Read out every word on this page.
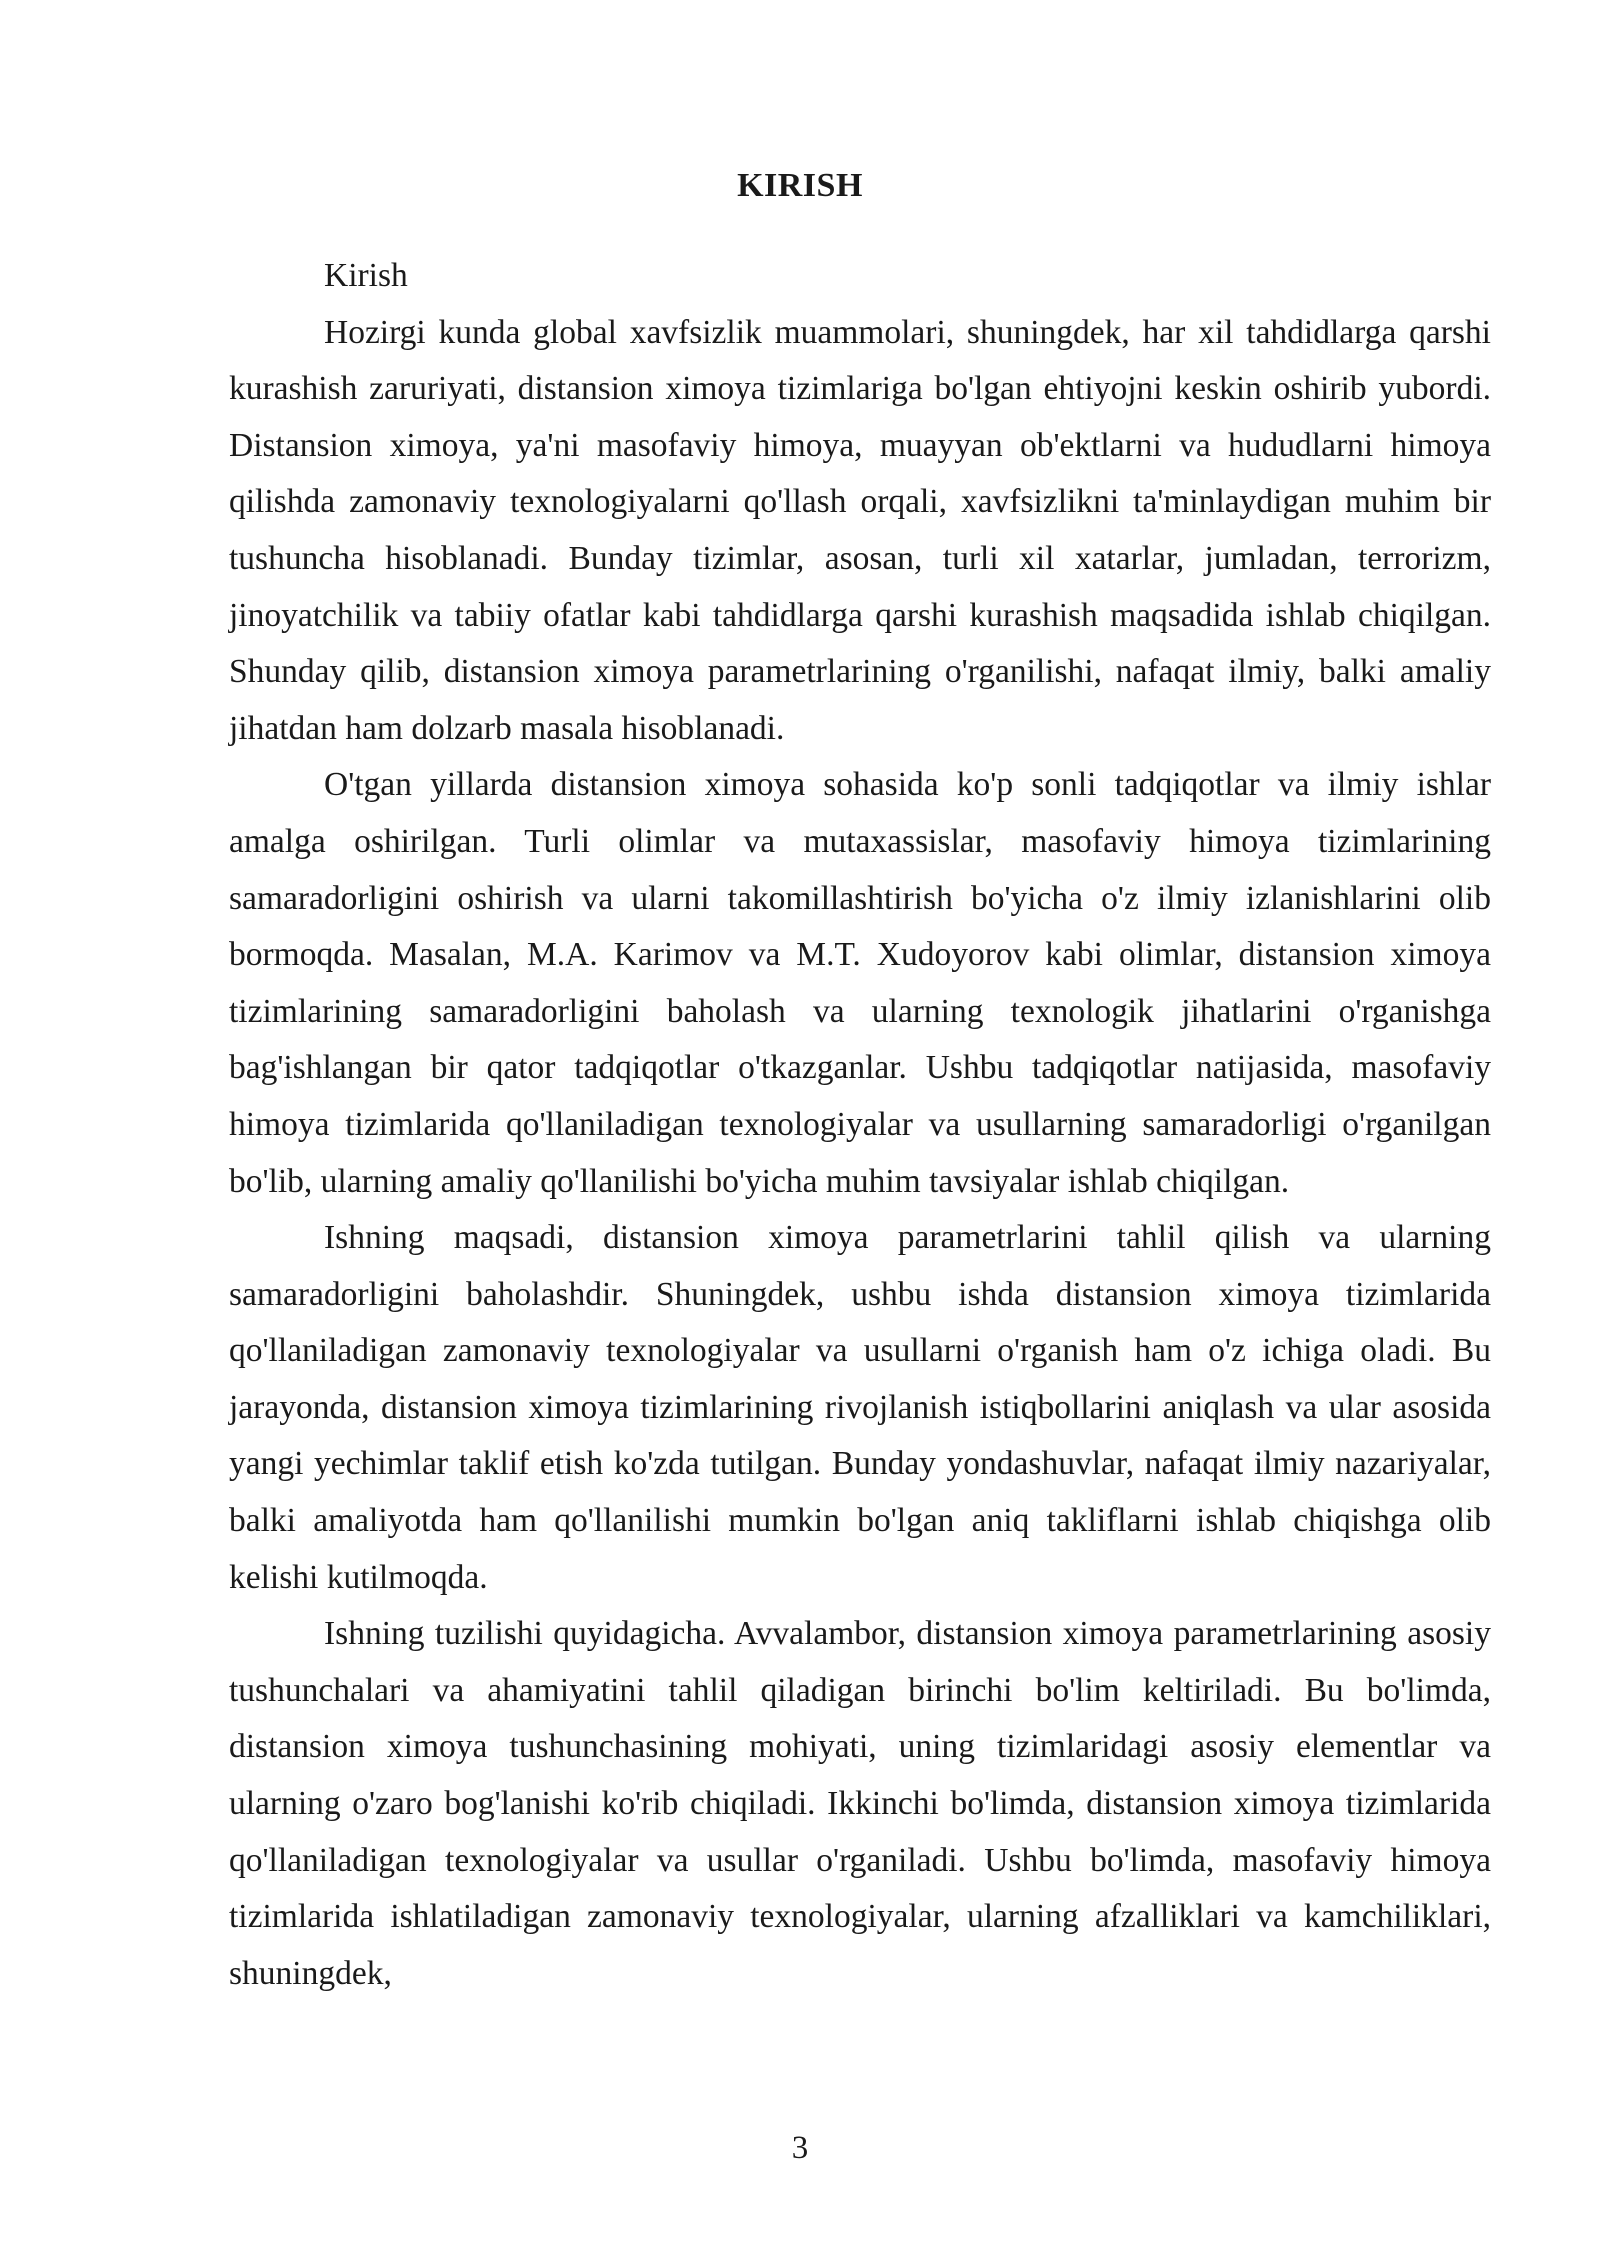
KIRISH

Kirish

Hozirgi kunda global xavfsizlik muammolari, shuningdek, har xil tahdidlarga qarshi kurashish zaruriyati, distansion ximoya tizimlariga bo'lgan ehtiyojni keskin oshirib yubordi. Distansion ximoya, ya'ni masofaviy himoya, muayyan ob'ektlarni va hududlarni himoya qilishda zamonaviy texnologiyalarni qo'llash orqali, xavfsizlikni ta'minlaydigan muhim bir tushuncha hisoblanadi. Bunday tizimlar, asosan, turli xil xatarlar, jumladan, terrorizm, jinoyatchilik va tabiiy ofatlar kabi tahdidlarga qarshi kurashish maqsadida ishlab chiqilgan. Shunday qilib, distansion ximoya parametrlarining o'rganilishi, nafaqat ilmiy, balki amaliy jihatdan ham dolzarb masala hisoblanadi.

O'tgan yillarda distansion ximoya sohasida ko'p sonli tadqiqotlar va ilmiy ishlar amalga oshirilgan. Turli olimlar va mutaxassislar, masofaviy himoya tizimlarining samaradorligini oshirish va ularni takomillashtirish bo'yicha o'z ilmiy izlanishlarini olib bormoqda. Masalan, M.A. Karimov va M.T. Xudoyorov kabi olimlar, distansion ximoya tizimlarining samaradorligini baholash va ularning texnologik jihatlarini o'rganishga bag'ishlangan bir qator tadqiqotlar o'tkazganlar. Ushbu tadqiqotlar natijasida, masofaviy himoya tizimlarida qo'llaniladigan texnologiyalar va usullarning samaradorligi o'rganilgan bo'lib, ularning amaliy qo'llanilishi bo'yicha muhim tavsiyalar ishlab chiqilgan.

Ishning maqsadi, distansion ximoya parametrlarini tahlil qilish va ularning samaradorligini baholashdir. Shuningdek, ushbu ishda distansion ximoya tizimlarida qo'llaniladigan zamonaviy texnologiyalar va usullarni o'rganish ham o'z ichiga oladi. Bu jarayonda, distansion ximoya tizimlarining rivojlanish istiqbollarini aniqlash va ular asosida yangi yechimlar taklif etish ko'zda tutilgan. Bunday yondashuvlar, nafaqat ilmiy nazariyalar, balki amaliyotda ham qo'llanilishi mumkin bo'lgan aniq takliflarni ishlab chiqishga olib kelishi kutilmoqda.

Ishning tuzilishi quyidagicha. Avvalambor, distansion ximoya parametrlarining asosiy tushunchalari va ahamiyatini tahlil qiladigan birinchi bo'lim keltiriladi. Bu bo'limda, distansion ximoya tushunchasining mohiyati, uning tizimlaridagi asosiy elementlar va ularning o'zaro bog'lanishi ko'rib chiqiladi. Ikkinchi bo'limda, distansion ximoya tizimlarida qo'llaniladigan texnologiyalar va usullar o'rganiladi. Ushbu bo'limda, masofaviy himoya tizimlarida ishlatiladigan zamonaviy texnologiyalar, ularning afzalliklari va kamchiliklari, shuningdek,

3
